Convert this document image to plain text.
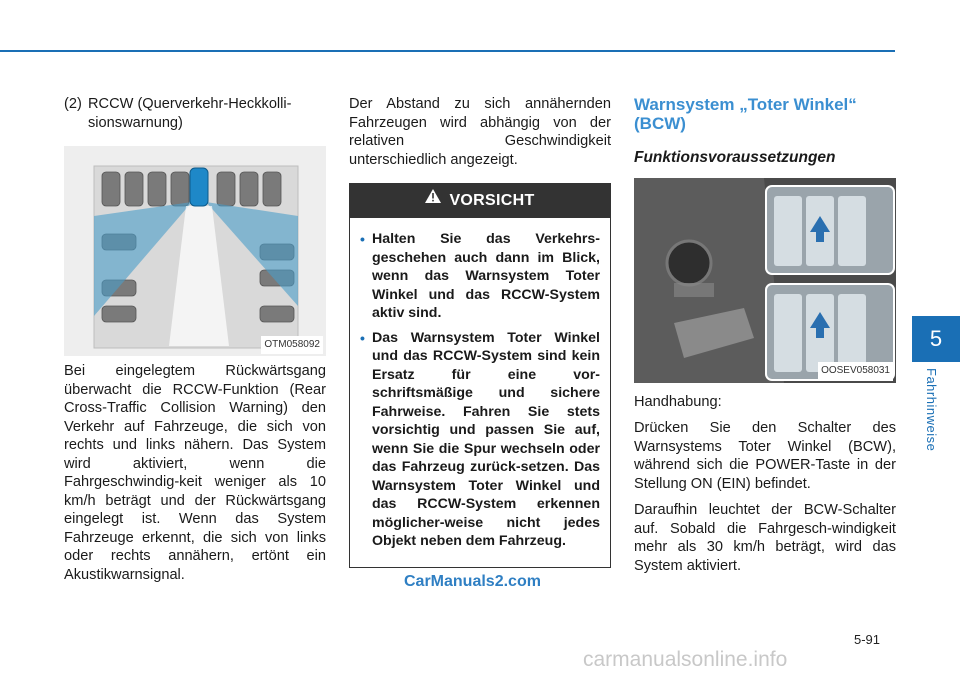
(2) RCCW (Querverkehr-Heckkolli-sionswarnung)
OTM058092

Bei eingelegtem Rückwärtsgang überwacht die RCCW-Funktion (Rear Cross-Traffic Collision Warning) den Verkehr auf Fahrzeuge, die sich von rechts und links nähern. Das System wird aktiviert, wenn die Fahrgeschwindig-keit weniger als 10 km/h beträgt und der Rückwärtsgang eingelegt ist. Wenn das System Fahrzeuge erkennt, die sich von links oder rechts annähern, ertönt ein Akustikwarnsignal.

Der Abstand zu sich annähernden Fahrzeugen wird abhängig von der relativen Geschwindigkeit unterschiedlich angezeigt.

VORSICHT
• Halten Sie das Verkehrs-geschehen auch dann im Blick, wenn das Warnsystem Toter Winkel und das RCCW-System aktiv sind.
• Das Warnsystem Toter Winkel und das RCCW-System sind kein Ersatz für eine vor-schriftsmäßige und sichere Fahrweise. Fahren Sie stets vorsichtig und passen Sie auf, wenn Sie die Spur wechseln oder das Fahrzeug zurück-setzen. Das Warnsystem Toter Winkel und das RCCW-System erkennen möglicher-weise nicht jedes Objekt neben dem Fahrzeug.
Warnsystem „Toter Winkel“ (BCW)
Funktionsvoraussetzungen
OOSEV058031

Handhabung:

Drücken Sie den Schalter des Warnsystems Toter Winkel (BCW), während sich die POWER-Taste in der Stellung ON (EIN) befindet.

Daraufhin leuchtet der BCW-Schalter auf. Sobald die Fahrgesch-windigkeit mehr als 30 km/h beträgt, wird das System aktiviert.

5
Fahrhinweise
5-91
CarManuals2.com
carmanualsonline.info
